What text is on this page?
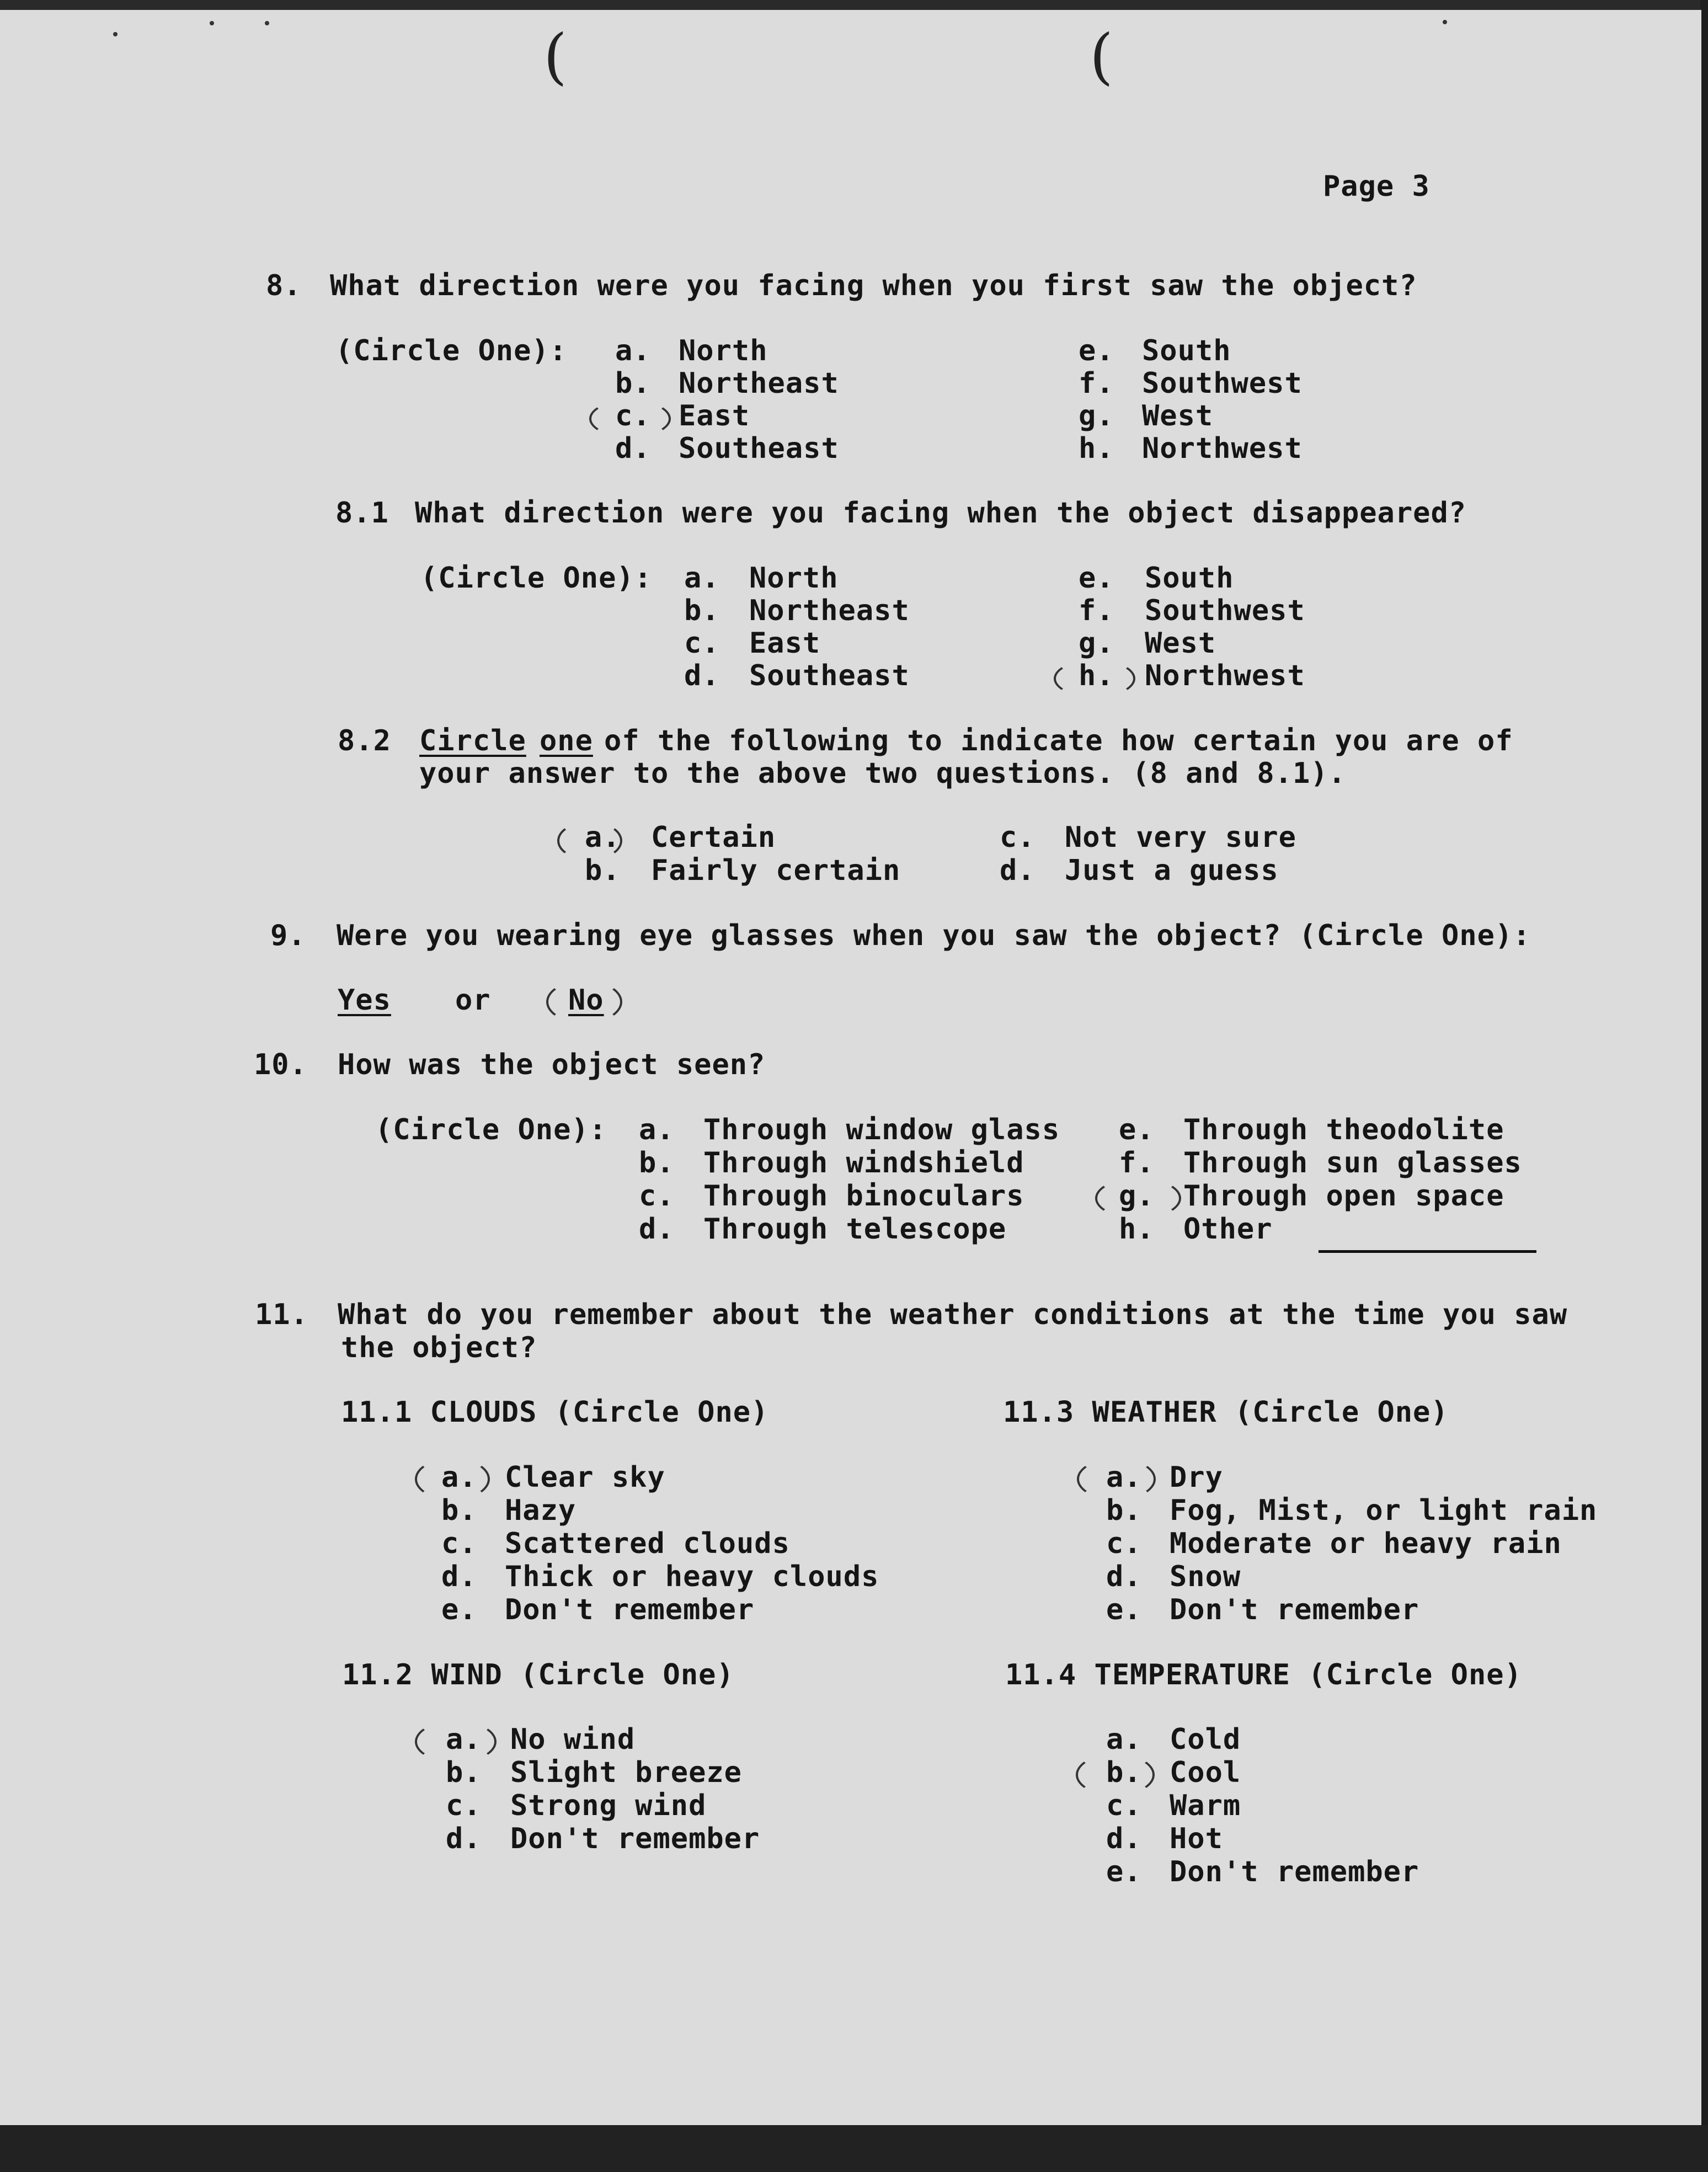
(	(
Page 3
8. What direction were you facing when you first saw the object?
(Circle One): a. North
b. Northeast
c. East
d. Southeast
e. South
f. Southwest
g. West
h. Northwest
8.1 What direction were you facing when the object disappeared?
(Circle One): a. North
b. Northeast
c. East
d. Southeast
e. South
f. Southwest
g. West
h. Northwest
8.2 Circle one of the following to indicate how certain you are of
your answer to the above two questions. (8 and 8.1).
a. Certain
b. Fairly certain
c. Not very sure
d. Just a guess
9. Were you wearing eye glasses when you saw the object? (Circle One):
Yes or	No
10. How was the object seen?
(Circle One): a. Through window glass
b. Through windshield
c. Through binoculars
d. Through telescope
e. Through theodolite
f. Through sun glasses
g. Through open space
h. Other
11. What do you remember about the weather conditions at the time you saw
the object?
11.1 CLOUDS (Circle One)
a. Clear sky
b. Hazy
c. Scattered clouds
d. Thick or heavy clouds
e. Don't remember
11.3 WEATHER (Circle One)
a. Dry
b. Fog, Mist, or light rain
c. Moderate or heavy rain
d. Snow
e. Don't remember
11.2 WIND (Circle One)
a. No wind
b. Slight breeze
c. Strong wind
d. Don't remember
11.4 TEMPERATURE (Circle One)
a. Cold
b. Cool
c. Warm
d. Hot
e. Don't remember
